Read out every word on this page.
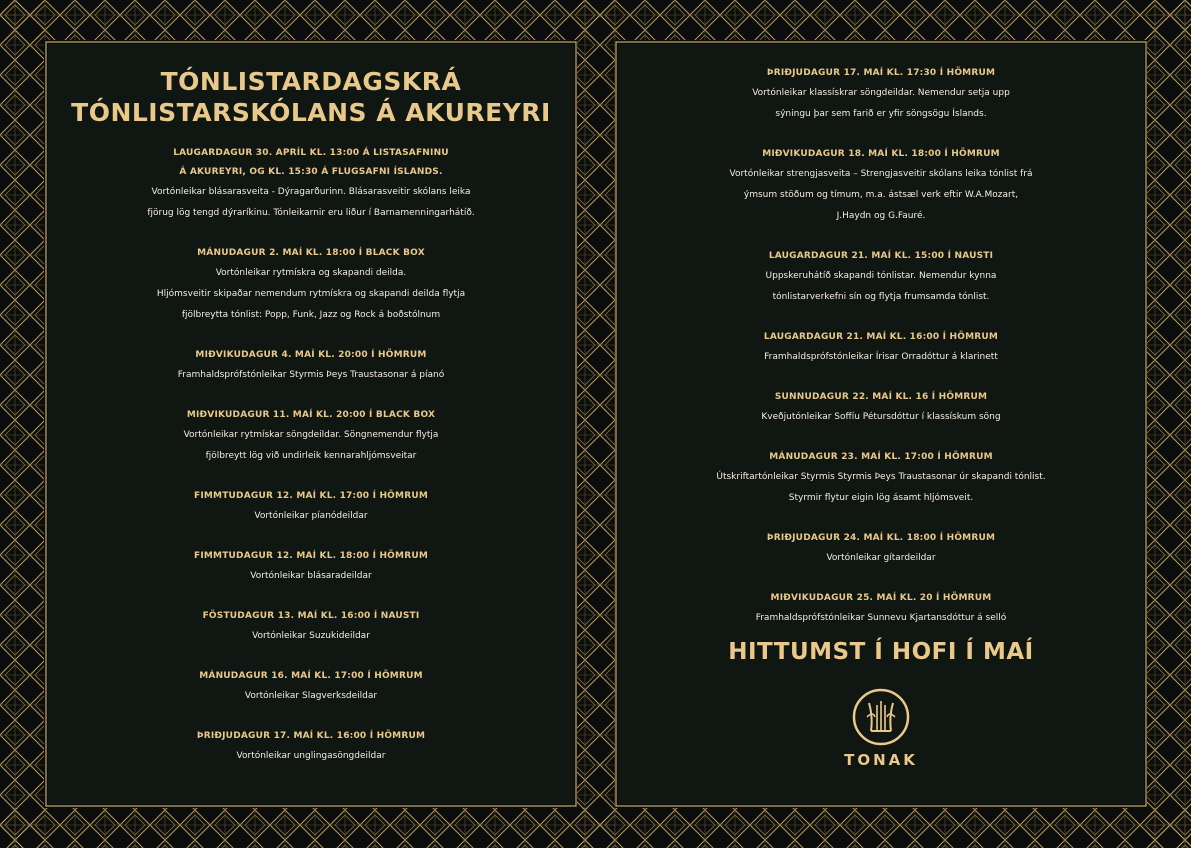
TÓNLISTARDAGSKRÁ
TÓNLISTARSKÓLANS Á AKUREYRI
LAUGARDAGUR 30. APRÍL KL. 13:00 Á LISTASAFNINU
Á AKUREYRI, OG KL. 15:30 Á FLUGSAFNI ÍSLANDS.
Vortónleikar blásarasveita - Dýragarðurinn. Blásarasveitir skólans leika
fjörug lög tengd dýraríkinu. Tónleikarnir eru liður í Barnamenningarhátíð.
MÁNUDAGUR 2. MAÍ KL. 18:00 Í BLACK BOX
Vortónleikar rytmískra og skapandi deilda.
Hljómsveitir skipaðar nemendum rytmískra og skapandi deilda flytja
fjölbreytta tónlist: Popp, Funk, Jazz og Rock á boðstólnum
MIÐVIKUDAGUR 4. MAÍ KL. 20:00 Í HÖMRUM
Framhaldsprófstónleikar Styrmis Þeys Traustasonar á píanó
MIÐVIKUDAGUR 11. MAÍ KL. 20:00 Í BLACK BOX
Vortónleikar rytmískar söngdeildar. Söngnemendur flytja
fjölbreytt lög við undirleik kennarahljómsveitar
FIMMTUDAGUR 12. MAÍ KL. 17:00 Í HÖMRUM
Vortónleikar píanódeildar
FIMMTUDAGUR 12. MAÍ KL. 18:00 Í HÖMRUM
Vortónleikar blásaradeildar
FÖSTUDAGUR 13. MAÍ KL. 16:00 Í NAUSTI
Vortónleikar Suzukideildar
MÁNUDAGUR 16. MAÍ KL. 17:00 Í HÖMRUM
Vortónleikar Slagverksdeildar
ÞRIÐJUDAGUR 17. MAÍ KL. 16:00 Í HÖMRUM
Vortónleikar unglingasöngdeildar
ÞRIÐJUDAGUR 17. MAÍ KL. 17:30 Í HÖMRUM
Vortónleikar klassískrar söngdeildar. Nemendur setja upp
sýningu þar sem farið er yfir söngsögu Íslands.
MIÐVIKUDAGUR 18. MAÍ KL. 18:00 Í HÖMRUM
Vortónleikar strengjasveita – Strengjasveitir skólans leika tónlist frá
ýmsum stöðum og tímum, m.a. ástsæl verk eftir W.A.Mozart,
J.Haydn og G.Fauré.
LAUGARDAGUR 21. MAÍ KL. 15:00 Í NAUSTI
Uppskeruhátíð skapandi tónlistar. Nemendur kynna
tónlistarverkefni sín og flytja frumsamda tónlist.
LAUGARDAGUR 21. MAÍ KL. 16:00 Í HÖMRUM
Framhaldsprófstónleikar Írisar Orradóttur á klarinett
SUNNUDAGUR 22. MAÍ KL. 16 Í HÖMRUM
Kveðjutónleikar Soffíu Pétursdóttur í klassískum söng
MÁNUDAGUR 23. MAÍ KL. 17:00 Í HÖMRUM
Útskriftartónleikar Styrmis Styrmis Þeys Traustasonar úr skapandi tónlist.
Styrmir flytur eigin lög ásamt hljómsveit.
ÞRIÐJUDAGUR 24. MAÍ KL. 18:00 Í HÖMRUM
Vortónleikar gítardeildar
MIÐVIKUDAGUR 25. MAÍ KL. 20 Í HÖMRUM
Framhaldsprófstónleikar Sunnevu Kjartansdóttur á selló
HITTUMST Í HOFI Í MAÍ
TONAK
